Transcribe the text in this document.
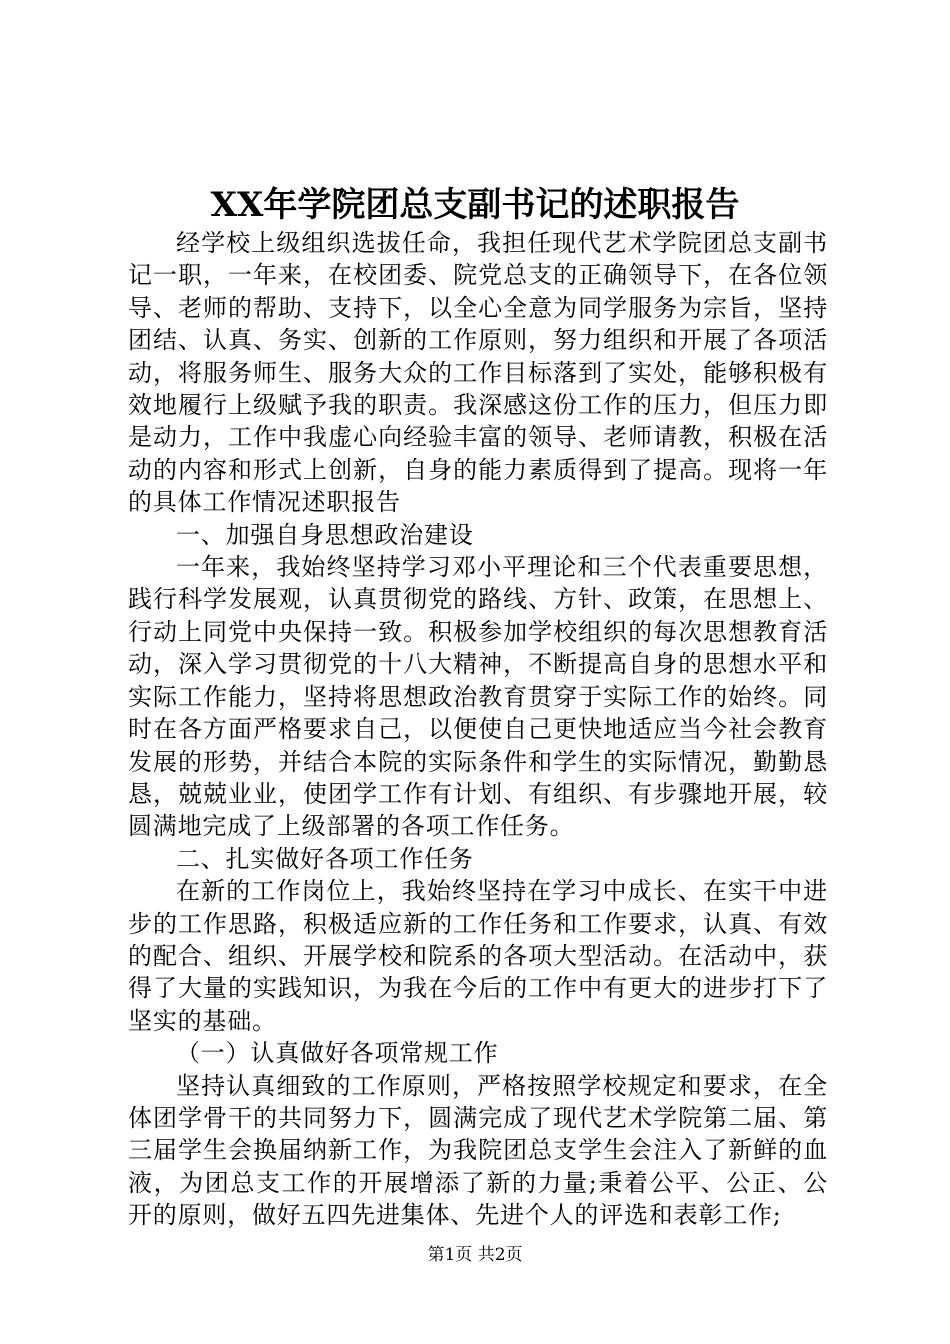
XX年学院团总支副书记的述职报告

经学校上级组织选拔任命，我担任现代艺术学院团总支副书记一职，一年来，在校团委、院党总支的正确领导下，在各位领导、老师的帮助、支持下，以全心全意为同学服务为宗旨，坚持团结、认真、务实、创新的工作原则，努力组织和开展了各项活动，将服务师生、服务大众的工作目标落到了实处，能够积极有效地履行上级赋予我的职责。我深感这份工作的压力，但压力即是动力，工作中我虚心向经验丰富的领导、老师请教，积极在活动的内容和形式上创新，自身的能力素质得到了提高。现将一年的具体工作情况述职报告

一、加强自身思想政治建设

一年来，我始终坚持学习邓小平理论和三个代表重要思想，践行科学发展观，认真贯彻党的路线、方针、政策，在思想上、行动上同党中央保持一致。积极参加学校组织的每次思想教育活动，深入学习贯彻党的十八大精神，不断提高自身的思想水平和实际工作能力，坚持将思想政治教育贯穿于实际工作的始终。同时在各方面严格要求自己，以便使自己更快地适应当今社会教育发展的形势，并结合本院的实际条件和学生的实际情况，勤勤恳恳，兢兢业业，使团学工作有计划、有组织、有步骤地开展，较圆满地完成了上级部署的各项工作任务。

二、扎实做好各项工作任务

在新的工作岗位上，我始终坚持在学习中成长、在实干中进步的工作思路，积极适应新的工作任务和工作要求，认真、有效的配合、组织、开展学校和院系的各项大型活动。在活动中，获得了大量的实践知识，为我在今后的工作中有更大的进步打下了坚实的基础。

（一）认真做好各项常规工作

坚持认真细致的工作原则，严格按照学校规定和要求，在全体团学骨干的共同努力下，圆满完成了现代艺术学院第二届、第三届学生会换届纳新工作，为我院团总支学生会注入了新鲜的血液，为团总支工作的开展增添了新的力量;秉着公平、公正、公开的原则，做好五四先进集体、先进个人的评选和表彰工作;

第1页 共2页
